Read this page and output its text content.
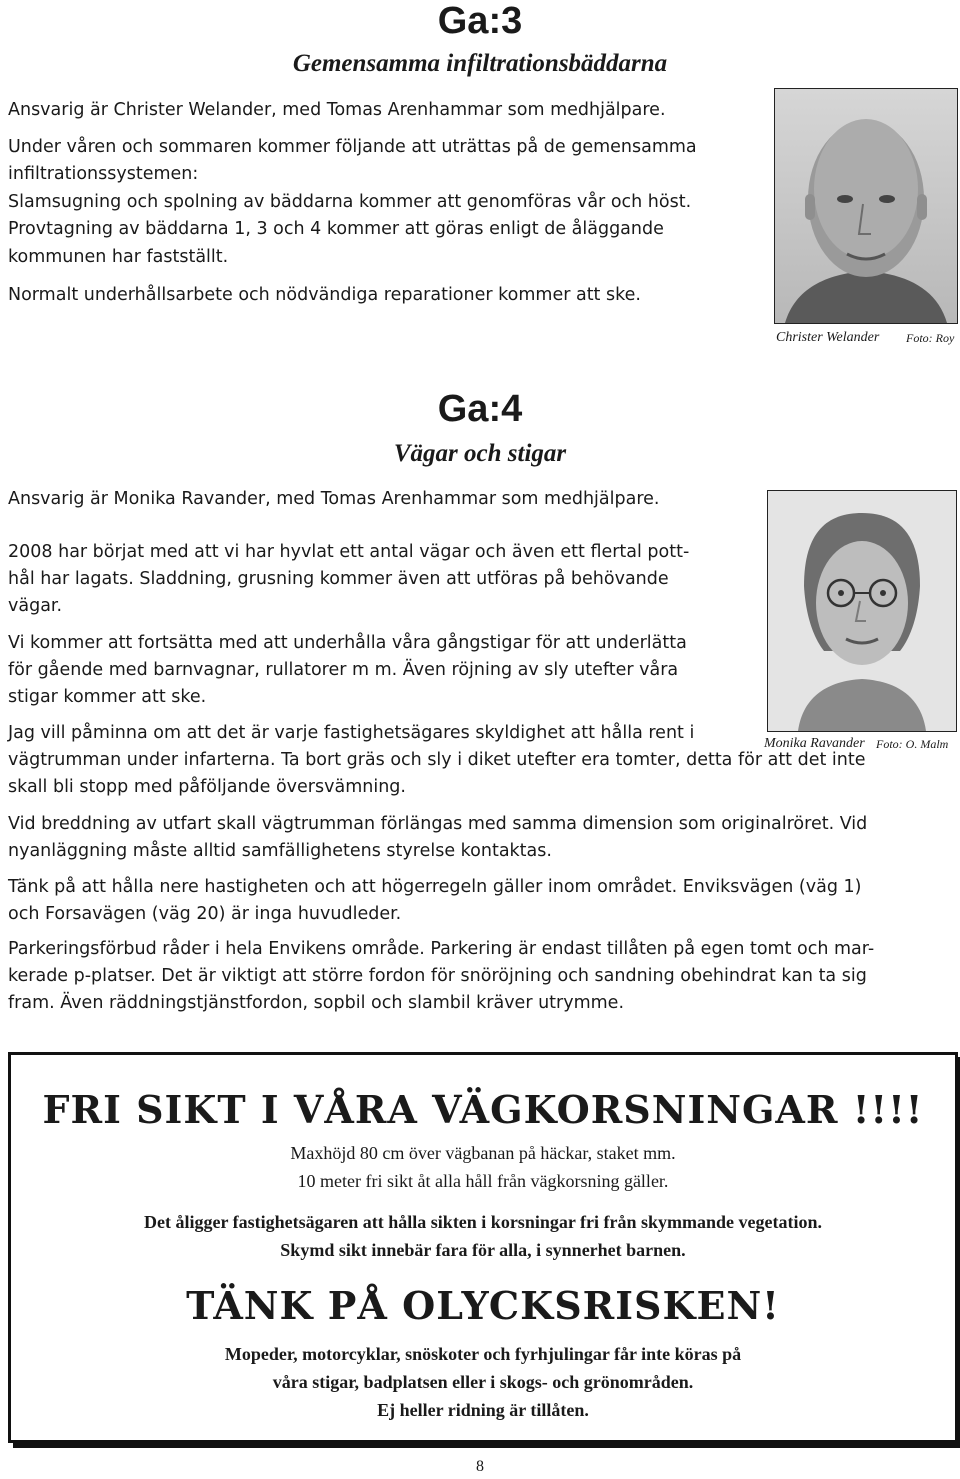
Ga:3
Gemensamma infiltrationsbäddarna

Ansvarig är Christer Welander, med Tomas Arenhammar som medhjälpare.

Under våren och sommaren kommer följande att uträttas på de gemensamma

infiltrationssystemen:

Slamsugning och spolning av bäddarna kommer att genomföras vår och höst.

Provtagning av bäddarna 1, 3 och 4 kommer att göras enligt de åläggande

kommunen har fastställt.

Normalt underhållsarbete och nödvändiga reparationer kommer att ske.

Christer Welander Foto: Roy
Ga:4
Vägar och stigar

Ansvarig är Monika Ravander, med Tomas Arenhammar som medhjälpare.

2008 har börjat med att vi har hyvlat ett antal vägar och även ett flertal pott-

hål har lagats. Sladdning, grusning kommer även att utföras på behövande

vägar.

Vi kommer att fortsätta med att underhålla våra gångstigar för att underlätta

för gående med barnvagnar, rullatorer m m. Även röjning av sly utefter våra

stigar kommer att ske.

Jag vill påminna om att det är varje fastighetsägares skyldighet att hålla rent i

vägtrumman under infarterna. Ta bort gräs och sly i diket utefter era tomter, detta för att det inte

skall bli stopp med påföljande översvämning.

Vid breddning av utfart skall vägtrumman förlängas med samma dimension som originalröret. Vid

nyanläggning måste alltid samfällighetens styrelse kontaktas.

Tänk på att hålla nere hastigheten och att högerregeln gäller inom området. Enviksvägen (väg 1)

och Forsavägen (väg 20) är inga huvudleder.

Parkeringsförbud råder i hela Envikens område. Parkering är endast tillåten på egen tomt och mar-

kerade p-platser. Det är viktigt att större fordon för snöröjning och sandning obehindrat kan ta sig

fram. Även räddningstjänstfordon, sopbil och slambil kräver utrymme.

Monika Ravander Foto: O. Malm

FRI SIKT I VÅRA VÄGKORSNINGAR !!!!

Maxhöjd 80 cm över vägbanan på häckar, staket mm.

10 meter fri sikt åt alla håll från vägkorsning gäller.

Det åligger fastighetsägaren att hålla sikten i korsningar fri från skymmande vegetation.

Skymd sikt innebär fara för alla, i synnerhet barnen.

TÄNK PÅ OLYCKSRISKEN!

Mopeder, motorcyklar, snöskoter och fyrhjulingar får inte köras på

våra stigar, badplatsen eller i skogs- och grönområden.

Ej heller ridning är tillåten.

8
